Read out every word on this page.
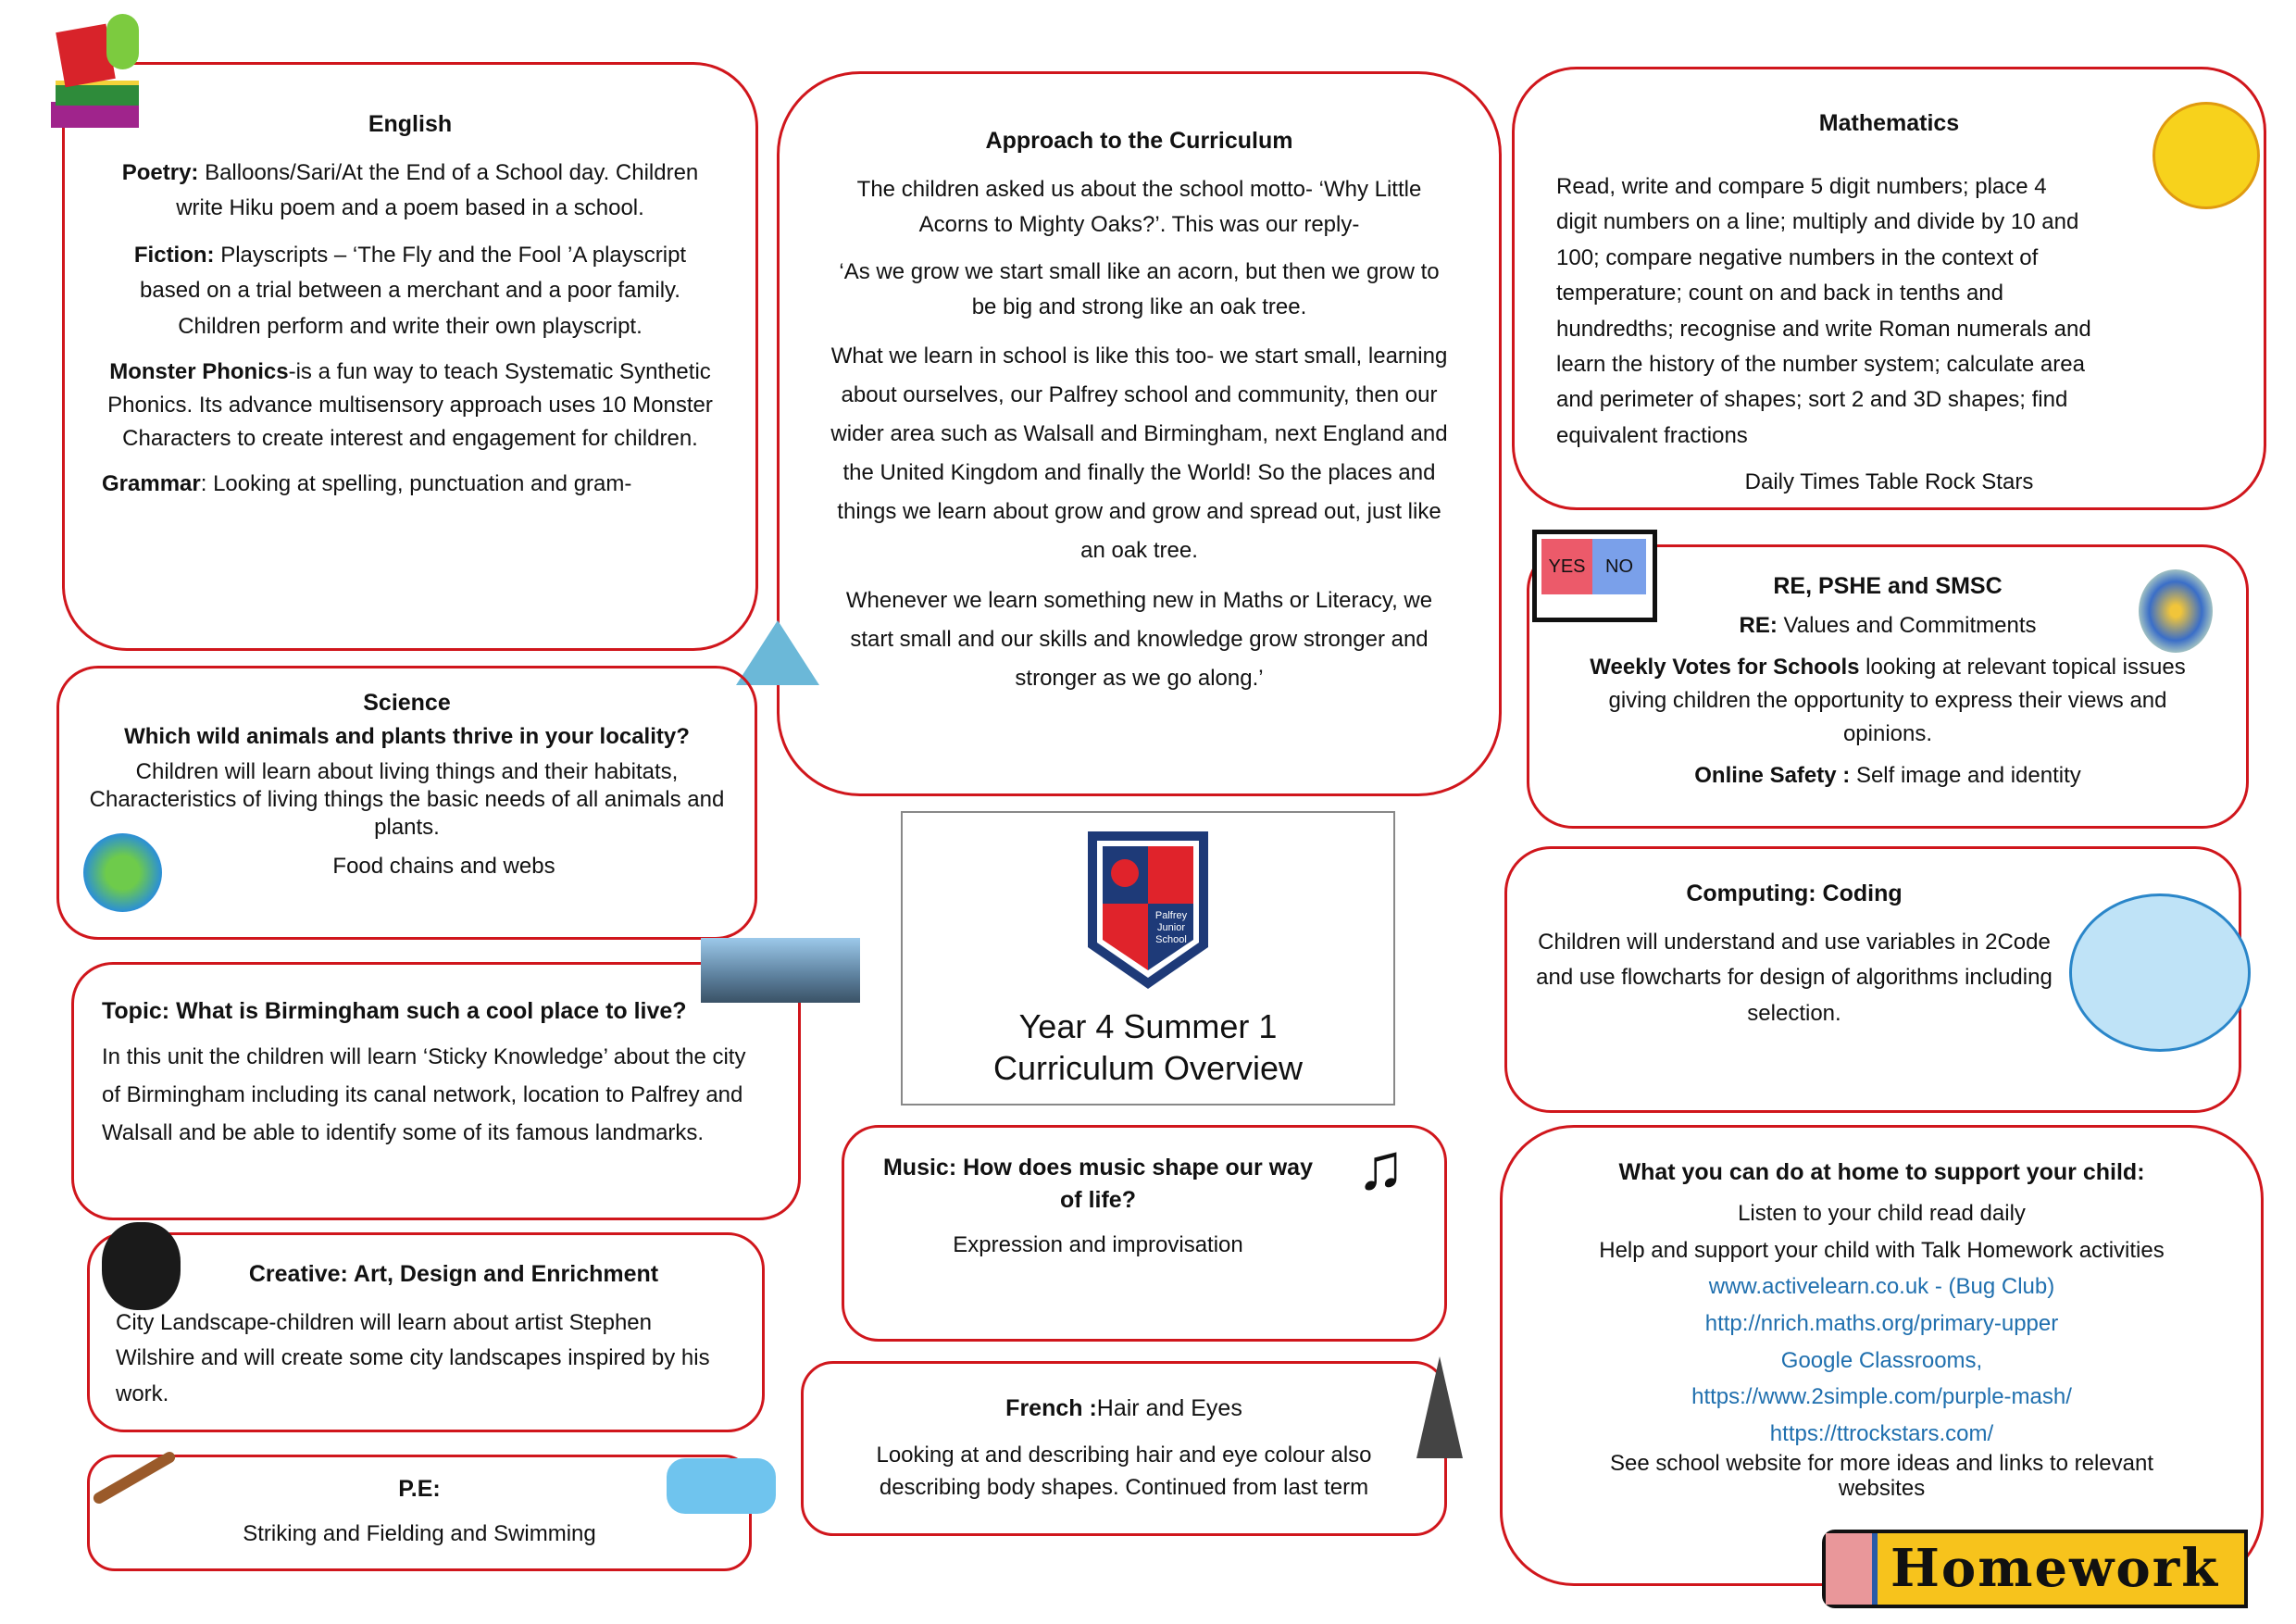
English

Poetry: Balloons/Sari/At the End of a School day. Children write Hiku poem and a poem based in a school.

Fiction: Playscripts – ‘The Fly and the Fool ’A playscript based on a trial between a merchant and a poor family. Children perform and write their own playscript.

Monster Phonics-is a fun way to teach Systematic Synthetic Phonics. Its advance multisensory approach uses 10 Monster Characters to create interest and engagement for children.

Grammar: Looking at spelling, punctuation and gram-

Approach to the Curriculum

The children asked us about the school motto- ‘Why Little Acorns to Mighty Oaks?’. This was our reply-

‘As we grow we start small like an acorn, but then we grow to be big and strong like an oak tree.

What we learn in school is like this too- we start small, learning about ourselves, our Palfrey school and community, then our wider area such as Walsall and Birmingham, next England and the United Kingdom and finally the World! So the places and things we learn about grow and grow and spread out, just like an oak tree.

Whenever we learn something new in Maths or Literacy, we start small and our skills and knowledge grow stronger and stronger as we go along.’

Mathematics

Read, write and compare 5 digit numbers; place 4 digit numbers on a line; multiply and divide by 10 and 100; compare negative numbers in the context of temperature; count on and back in tenths and hundredths; recognise and write Roman numerals and learn the history of the number system; calculate area and perimeter of shapes; sort 2 and 3D shapes; find equivalent fractions

Daily Times Table Rock Stars

RE, PSHE and SMSC

RE: Values and Commitments

Weekly Votes for Schools looking at relevant topical issues giving children the opportunity to express their views and opinions.

Online Safety : Self image and identity

YES	NO
Science

Which wild animals and plants thrive in your locality?

Children will learn about living things and their habitats, Characteristics of living things the basic needs of all animals and plants.

Food chains and webs

Palfrey Junior School
Year 4 Summer 1
Curriculum Overview
Computing: Coding

Children will understand and use variables in 2Code and use flowcharts for design of algorithms including selection.

Topic: What is Birmingham such a cool place to live?

In this unit the children will learn ‘Sticky Knowledge’ about the city of Birmingham including its canal network, location to Palfrey and Walsall and be able to identify some of its famous landmarks.

Music: How does music shape our way of life?

Expression and improvisation

♫	What you can do at home to support your child:
Listen to your child read daily
Help and support your child with Talk Homework activities
www.activelearn.co.uk - (Bug Club)
http://nrich.maths.org/primary-upper
Google Classrooms,
https://www.2simple.com/purple-mash/
https://ttrockstars.com/
See school website for more ideas and links to relevant websites
Homework
Creative: Art, Design and Enrichment

City Landscape-children will learn about artist Stephen Wilshire and will create some city landscapes inspired by his work.

French :Hair and Eyes

Looking at and describing hair and eye colour also describing body shapes. Continued from last term

P.E:

Striking and Fielding and Swimming
